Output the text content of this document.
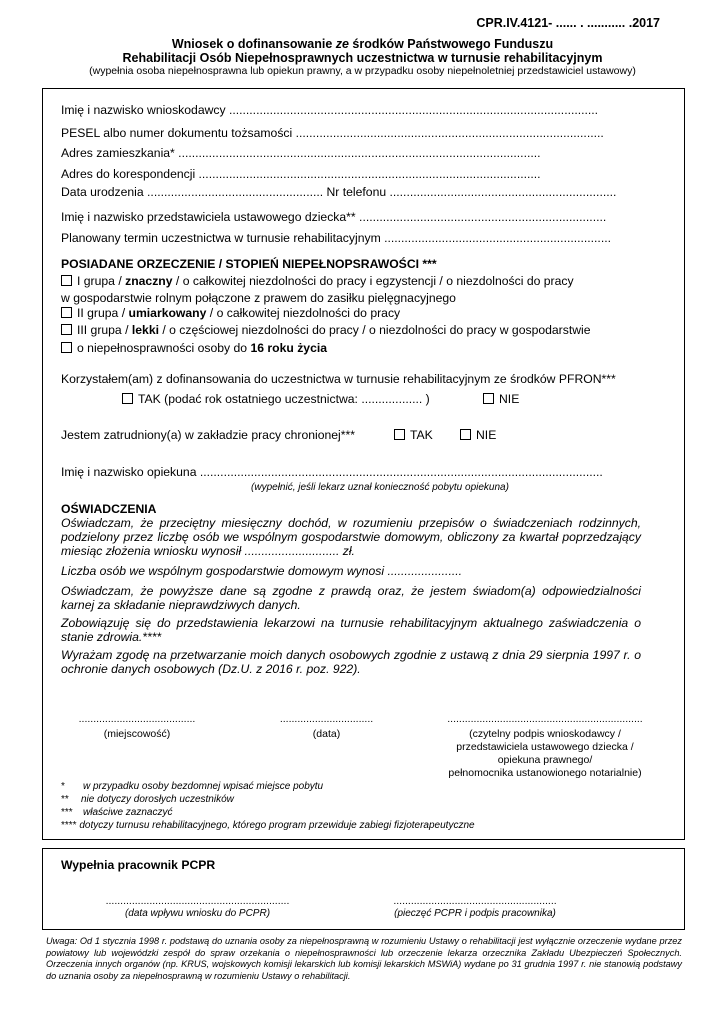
CPR.IV.4121- ...... . ........... .2017
Wniosek o dofinansowanie ze środków Państwowego Funduszu
Rehabilitacji Osób Niepełnosprawnych uczestnictwa w turnusie rehabilitacyjnym
(wypełnia osoba niepełnosprawna lub opiekun prawny, a w przypadku osoby niepełnoletniej przedstawiciel ustawowy)
Imię i nazwisko wnioskodawcy .............................................................................................................
PESEL albo numer dokumentu tożsamości ...........................................................................................
Adres zamieszkania* ...........................................................................................................
Adres do korespondencji .....................................................................................................
Data urodzenia .................................................... Nr telefonu ...................................................................
Imię i nazwisko przedstawiciela ustawowego dziecka** .........................................................................
Planowany termin uczestnictwa w turnusie rehabilitacyjnym ...................................................................
POSIADANE ORZECZENIE / STOPIEŃ NIEPEŁNOPSRAWOŚCI ***
I grupa / znaczny / o całkowitej niezdolności do pracy i egzystencji / o niezdolności do pracy
w gospodarstwie rolnym połączone z prawem do zasiłku pielęgnacyjnego
II grupa / umiarkowany / o całkowitej niezdolności do pracy
III grupa / lekki / o częściowej niezdolności do pracy / o niezdolności do pracy w gospodarstwie
o niepełnosprawności osoby do 16 roku życia
Korzystałem(am) z dofinansowania do uczestnictwa w turnusie rehabilitacyjnym ze środków PFRON***
TAK (podać rok ostatniego uczestnictwa: .................. )	NIE
Jestem zatrudniony(a) w zakładzie pracy chronionej***	TAK	NIE
Imię i nazwisko opiekuna .......................................................................................................................
(wypełnić, jeśli lekarz uznał konieczność pobytu opiekuna)
OŚWIADCZENIA
Oświadczam, że przeciętny miesięczny dochód, w rozumieniu przepisów o świadczeniach rodzinnych, podzielony przez liczbę osób we wspólnym gospodarstwie domowym, obliczony za kwartał poprzedzający miesiąc złożenia wniosku wynosił ............................ zł.
Liczba osób we wspólnym gospodarstwie domowym wynosi ......................
Oświadczam, że powyższe dane są zgodne z prawdą oraz, że jestem świadom(a) odpowiedzialności karnej za składanie nieprawdziwych danych.
Zobowiązuję się do przedstawienia lekarzowi na turnusie rehabilitacyjnym aktualnego zaświadczenia o stanie zdrowia.****
Wyrażam zgodę na przetwarzanie moich danych osobowych zgodnie z ustawą z dnia 29 sierpnia 1997 r. o ochronie danych osobowych (Dz.U. z 2016 r. poz. 922).
........................................	................................	...................................................................
(miejscowość)	(data)	(czytelny podpis wnioskodawcy /
przedstawiciela ustawowego dziecka /
opiekuna prawnego/
pełnomocnika ustanowionego notarialnie)
* w przypadku osoby bezdomnej wpisać miejsce pobytu
** nie dotyczy dorosłych uczestników
*** właściwe zaznaczyć
**** dotyczy turnusu rehabilitacyjnego, którego program przewiduje zabiegi fizjoterapeutyczne
Wypełnia pracownik PCPR
...............................................................	........................................................
(data wpływu wniosku do PCPR)	(pieczęć PCPR i podpis pracownika)
Uwaga: Od 1 stycznia 1998 r. podstawą do uznania osoby za niepełnosprawną w rozumieniu Ustawy o rehabilitacji jest wyłącznie orzeczenie wydane przez powiatowy lub wojewódzki zespół do spraw orzekania o niepełnosprawności lub orzeczenie lekarza orzecznika Zakładu Ubezpieczeń Społecznych. Orzeczenia innych organów (np. KRUS, wojskowych komisji lekarskich lub komisji lekarskich MSWiA) wydane po 31 grudnia 1997 r. nie stanowią podstawy do uznania osoby za niepełnosprawną w rozumieniu Ustawy o rehabilitacji.
